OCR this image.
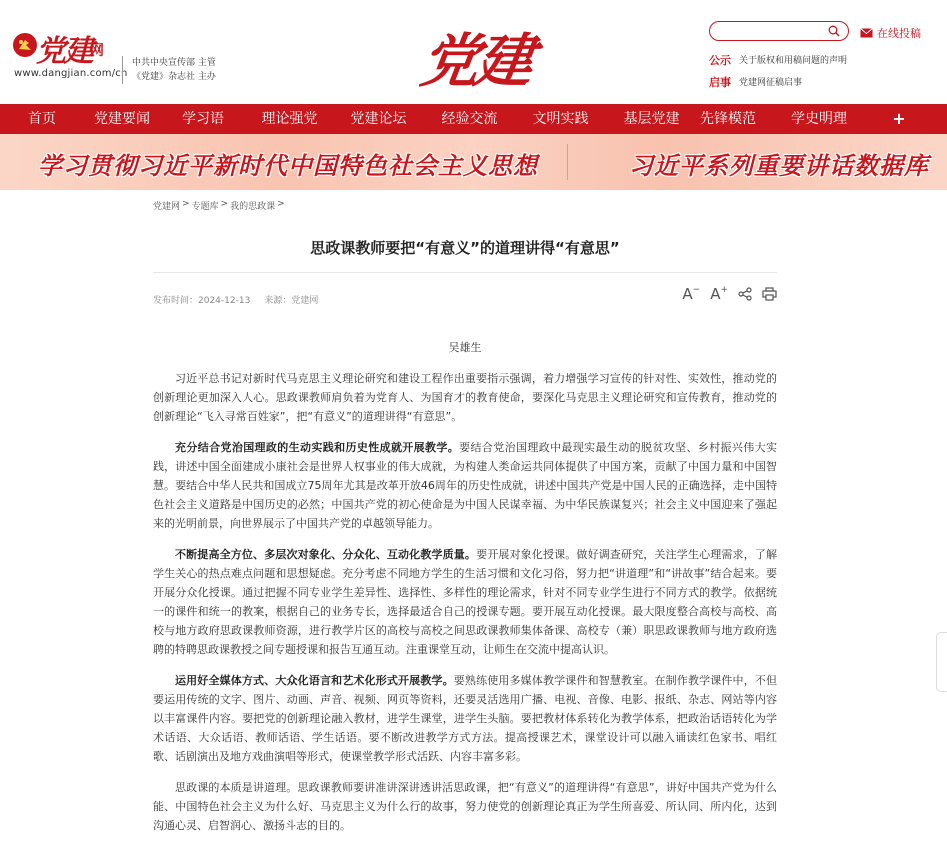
党建
网
www.dangjian.com/cn
中共中央宣传部 主管
《党建》杂志社 主办	党建	在线投稿
公示 关于版权和用稿问题的声明
启事 党建网征稿启事
首页	党建要闻	学习语	理论强党	党建论坛	经验交流	文明实践	基层党建	先锋模范	学史明理	+
学习贯彻习近平新时代中国特色社会主义思想	习近平系列重要讲话数据库
党建网 > 专题库 > 我的思政课 >
思政课教师要把“有意义”的道理讲得“有意思”
发布时间：2024-12-13 来源：党建网	A− A+
吴雄生

习近平总书记对新时代马克思主义理论研究和建设工程作出重要指示强调，着力增强学习宣传的针对性、实效性，推动党的创新理论更加深入人心。思政课教师肩负着为党育人、为国育才的教育使命，要深化马克思主义理论研究和宣传教育，推动党的创新理论“飞入寻常百姓家”，把“有意义”的道理讲得“有意思”。

充分结合党治国理政的生动实践和历史性成就开展教学。要结合党治国理政中最现实最生动的脱贫攻坚、乡村振兴伟大实践，讲述中国全面建成小康社会是世界人权事业的伟大成就，为构建人类命运共同体提供了中国方案，贡献了中国力量和中国智慧。要结合中华人民共和国成立75周年尤其是改革开放46周年的历史性成就，讲述中国共产党是中国人民的正确选择，走中国特色社会主义道路是中国历史的必然；中国共产党的初心使命是为中国人民谋幸福、为中华民族谋复兴；社会主义中国迎来了强起来的光明前景，向世界展示了中国共产党的卓越领导能力。

不断提高全方位、多层次对象化、分众化、互动化教学质量。要开展对象化授课。做好调查研究，关注学生心理需求，了解学生关心的热点难点问题和思想疑虑。充分考虑不同地方学生的生活习惯和文化习俗，努力把“讲道理”和“讲故事”结合起来。要开展分众化授课。通过把握不同专业学生差异性、选择性、多样性的理论需求，针对不同专业学生进行不同方式的教学。依据统一的课件和统一的教案，根据自己的业务专长，选择最适合自己的授课专题。要开展互动化授课。最大限度整合高校与高校、高校与地方政府思政课教师资源，进行教学片区的高校与高校之间思政课教师集体备课、高校专（兼）职思政课教师与地方政府选聘的特聘思政课教授之间专题授课和报告互通互动。注重课堂互动，让师生在交流中提高认识。

运用好全媒体方式、大众化语言和艺术化形式开展教学。要熟练使用多媒体教学课件和智慧教室。在制作教学课件中，不但要运用传统的文字、图片、动画、声音、视频、网页等资料，还要灵活选用广播、电视、音像、电影、报纸、杂志、网站等内容以丰富课件内容。要把党的创新理论融入教材，进学生课堂，进学生头脑。要把教材体系转化为教学体系，把政治话语转化为学术话语、大众话语、教师话语、学生话语。要不断改进教学方式方法。提高授课艺术，课堂设计可以融入诵读红色家书、唱红歌、话剧演出及地方戏曲演唱等形式，使课堂教学形式活跃、内容丰富多彩。

思政课的本质是讲道理。思政课教师要讲准讲深讲透讲活思政课，把“有意义”的道理讲得“有意思”，讲好中国共产党为什么能、中国特色社会主义为什么好、马克思主义为什么行的故事，努力使党的创新理论真正为学生所喜爱、所认同、所内化，达到沟通心灵、启智润心、激扬斗志的目的。
